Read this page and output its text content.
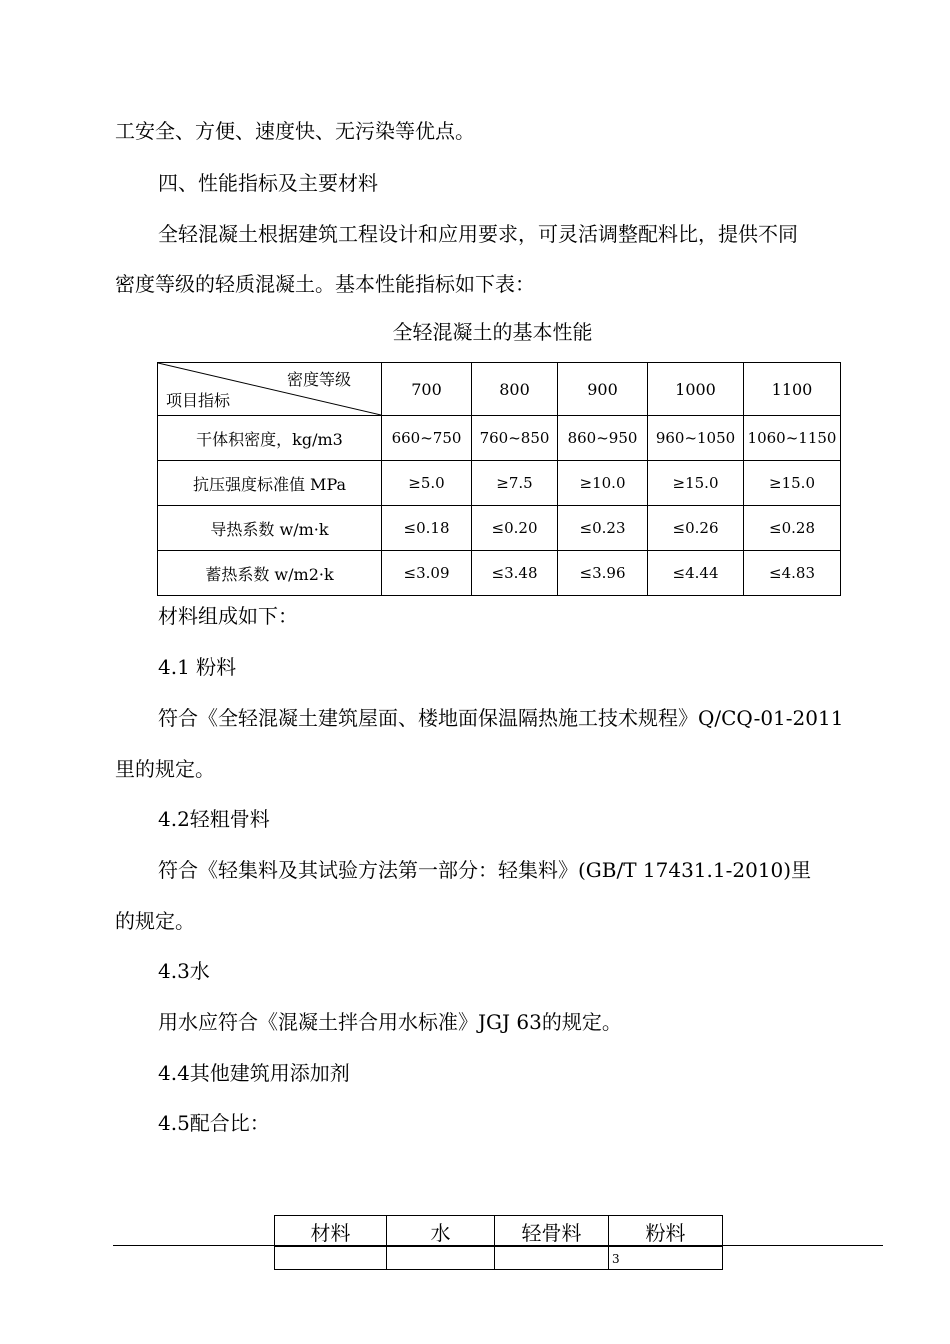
工安全、方便、速度快、无污染等优点。
四、性能指标及主要材料
全轻混凝土根据建筑工程设计和应用要求，可灵活调整配料比，提供不同
密度等级的轻质混凝土。基本性能指标如下表：
全轻混凝土的基本性能
密度等级
项目指标	700	800	900	1000	1100
干体积密度，kg/m3	660~750	760~850	860~950	960~1050	1060~1150
抗压强度标准值 MPa	≥5.0	≥7.5	≥10.0	≥15.0	≥15.0
导热系数 w/m·k	≤0.18	≤0.20	≤0.23	≤0.26	≤0.28
蓄热系数 w/m2·k	≤3.09	≤3.48	≤3.96	≤4.44	≤4.83
材料组成如下：
4.1 粉料
符合《全轻混凝土建筑屋面、楼地面保温隔热施工技术规程》Q/CQ-01-2011
里的规定。
4.2轻粗骨料
符合《轻集料及其试验方法第一部分：轻集料》(GB/T 17431.1-2010)里
的规定。
4.3水
用水应符合《混凝土拌合用水标准》JGJ 63的规定。
4.4其他建筑用添加剂
4.5配合比：
材料	水	轻骨料	粉料

3
